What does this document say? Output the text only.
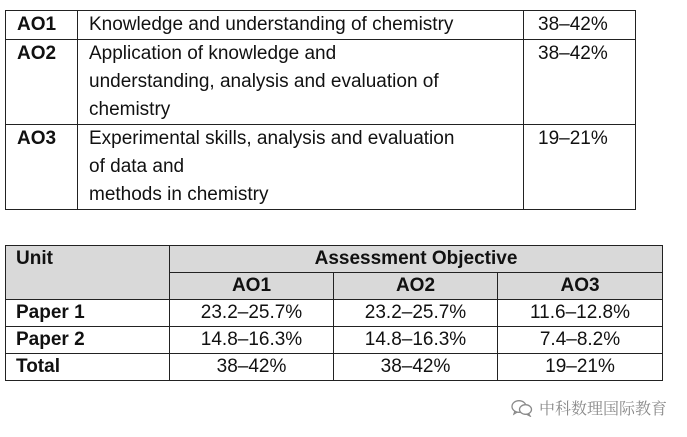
AO1	Knowledge and understanding of chemistry	38–42%
AO2	Application of knowledge and
understanding, analysis and evaluation of
chemistry	38–42%
AO3	Experimental skills, analysis and evaluation
of data and
methods in chemistry	19–21%
Unit	Assessment Objective		
	AO1	AO2	AO3
Paper 1	23.2–25.7%	23.2–25.7%	11.6–12.8%
Paper 2	14.8–16.3%	14.8–16.3%	7.4–8.2%
Total	38–42%	38–42%	19–21%
中科数理国际教育
